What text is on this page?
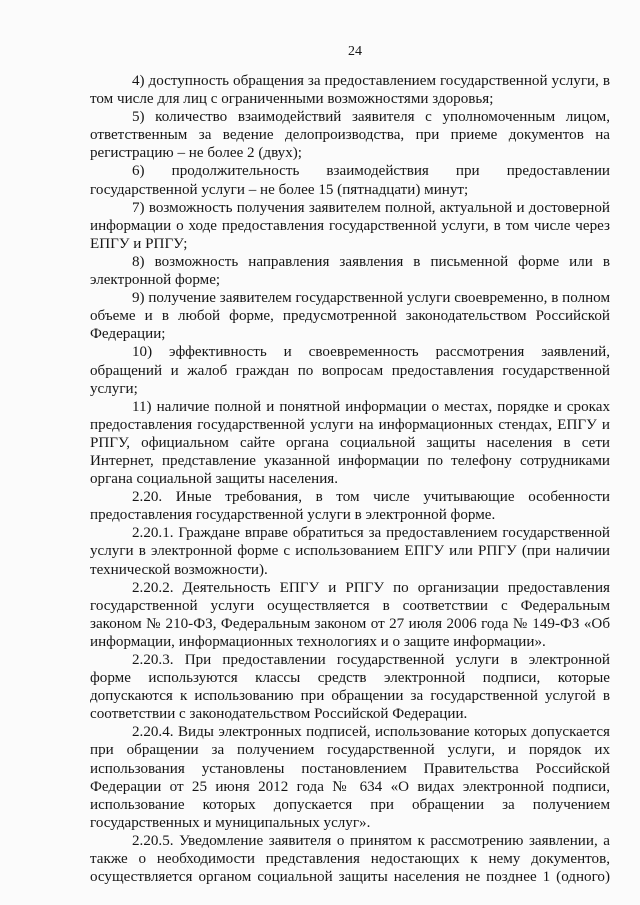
24

4) доступность обращения за предоставлением государственной услуги, в том числе для лиц с ограниченными возможностями здоровья;

5) количество взаимодействий заявителя с уполномоченным лицом, ответственным за ведение делопроизводства, при приеме документов на регистрацию – не более 2 (двух);

6) продолжительность взаимодействия при предоставлении государственной услуги – не более 15 (пятнадцати) минут;

7) возможность получения заявителем полной, актуальной и достоверной информации о ходе предоставления государственной услуги, в том числе через ЕПГУ и РПГУ;

8) возможность направления заявления в письменной форме или в электронной форме;

9) получение заявителем государственной услуги своевременно, в полном объеме и в любой форме, предусмотренной законодательством Российской Федерации;

10) эффективность и своевременность рассмотрения заявлений, обращений и жалоб граждан по вопросам предоставления государственной услуги;

11) наличие полной и понятной информации о местах, порядке и сроках предоставления государственной услуги на информационных стендах, ЕПГУ и РПГУ, официальном сайте органа социальной защиты населения в сети Интернет, представление указанной информации по телефону сотрудниками органа социальной защиты населения.

2.20. Иные требования, в том числе учитывающие особенности предоставления государственной услуги в электронной форме.

2.20.1. Граждане вправе обратиться за предоставлением государственной услуги в электронной форме с использованием ЕПГУ или РПГУ (при наличии технической возможности).

2.20.2. Деятельность ЕПГУ и РПГУ по организации предоставления государственной услуги осуществляется в соответствии с Федеральным законом № 210-ФЗ, Федеральным законом от 27 июля 2006 года № 149-ФЗ «Об информации, информационных технологиях и о защите информации».

2.20.3. При предоставлении государственной услуги в электронной форме используются классы средств электронной подписи, которые допускаются к использованию при обращении за государственной услугой в соответствии с законодательством Российской Федерации.

2.20.4. Виды электронных подписей, использование которых допускается при обращении за получением государственной услуги, и порядок их использования установлены постановлением Правительства Российской Федерации от 25 июня 2012 года № 634 «О видах электронной подписи, использование которых допускается при обращении за получением государственных и муниципальных услуг».

2.20.5. Уведомление заявителя о принятом к рассмотрению заявлении, а также о необходимости представления недостающих к нему документов, осуществляется органом социальной защиты населения не позднее 1 (одного)
